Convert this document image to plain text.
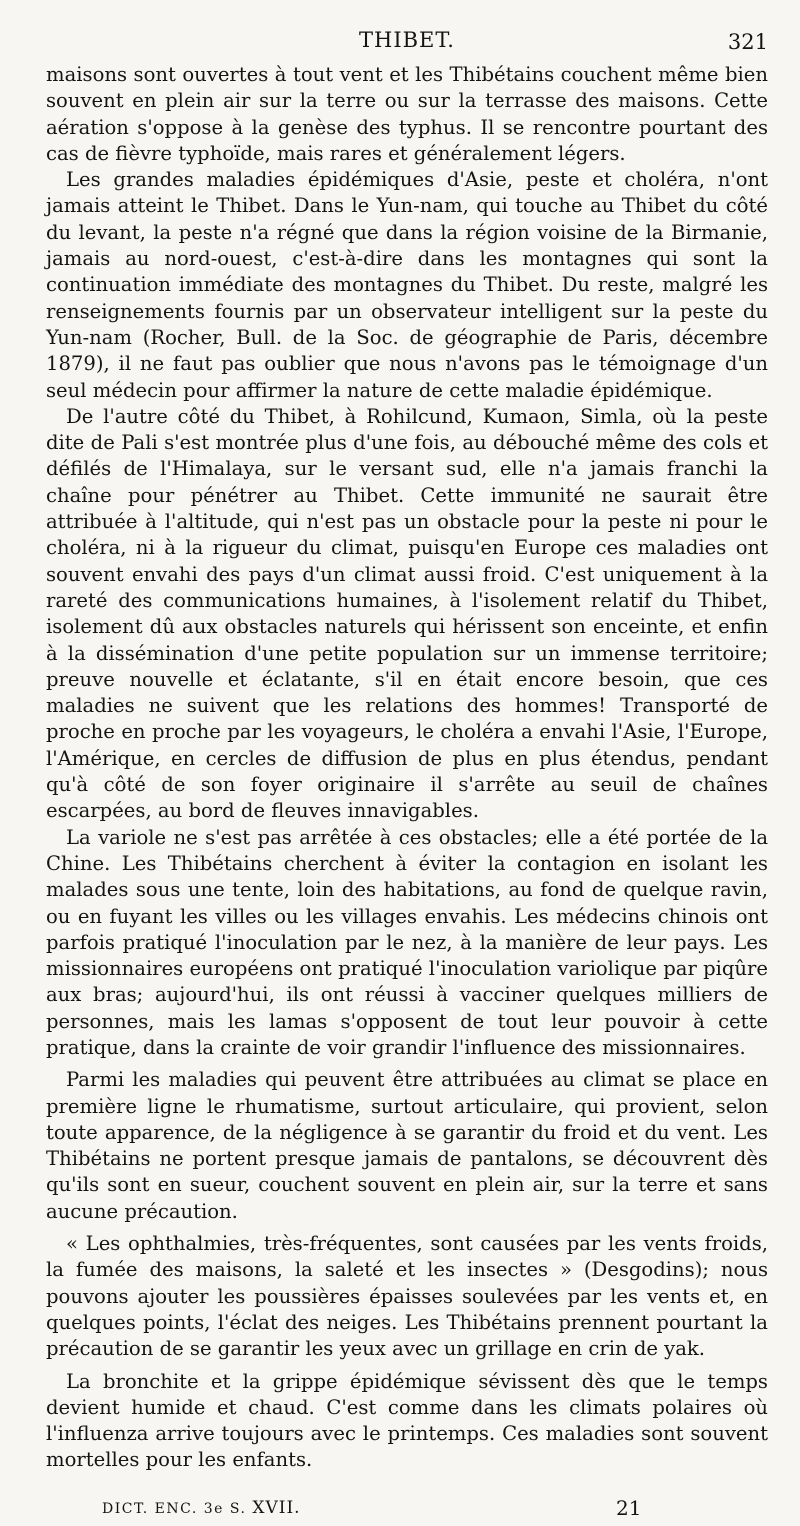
THIBET.	321

maisons sont ouvertes à tout vent et les Thibétains couchent même bien souvent en plein air sur la terre ou sur la terrasse des maisons. Cette aération s'oppose à la genèse des typhus. Il se rencontre pourtant des cas de fièvre typhoïde, mais rares et généralement légers.

Les grandes maladies épidémiques d'Asie, peste et choléra, n'ont jamais atteint le Thibet. Dans le Yun-nam, qui touche au Thibet du côté du levant, la peste n'a régné que dans la région voisine de la Birmanie, jamais au nord-ouest, c'est-à-dire dans les montagnes qui sont la continuation immédiate des montagnes du Thibet. Du reste, malgré les renseignements fournis par un observateur intelligent sur la peste du Yun-nam (Rocher, Bull. de la Soc. de géographie de Paris, décembre 1879), il ne faut pas oublier que nous n'avons pas le témoignage d'un seul médecin pour affirmer la nature de cette maladie épidémique.

De l'autre côté du Thibet, à Rohilcund, Kumaon, Simla, où la peste dite de Pali s'est montrée plus d'une fois, au débouché même des cols et défilés de l'Himalaya, sur le versant sud, elle n'a jamais franchi la chaîne pour pénétrer au Thibet. Cette immunité ne saurait être attribuée à l'altitude, qui n'est pas un obstacle pour la peste ni pour le choléra, ni à la rigueur du climat, puisqu'en Europe ces maladies ont souvent envahi des pays d'un climat aussi froid. C'est uniquement à la rareté des communications humaines, à l'isolement relatif du Thibet, isolement dû aux obstacles naturels qui hérissent son enceinte, et enfin à la dissémination d'une petite population sur un immense territoire; preuve nouvelle et éclatante, s'il en était encore besoin, que ces maladies ne suivent que les relations des hommes! Transporté de proche en proche par les voyageurs, le choléra a envahi l'Asie, l'Europe, l'Amérique, en cercles de diffusion de plus en plus étendus, pendant qu'à côté de son foyer originaire il s'arrête au seuil de chaînes escarpées, au bord de fleuves innavigables.

La variole ne s'est pas arrêtée à ces obstacles; elle a été portée de la Chine. Les Thibétains cherchent à éviter la contagion en isolant les malades sous une tente, loin des habitations, au fond de quelque ravin, ou en fuyant les villes ou les villages envahis. Les médecins chinois ont parfois pratiqué l'inoculation par le nez, à la manière de leur pays. Les missionnaires européens ont pratiqué l'inoculation variolique par piqûre aux bras; aujourd'hui, ils ont réussi à vacciner quelques milliers de personnes, mais les lamas s'opposent de tout leur pouvoir à cette pratique, dans la crainte de voir grandir l'influence des missionnaires.

Parmi les maladies qui peuvent être attribuées au climat se place en première ligne le rhumatisme, surtout articulaire, qui provient, selon toute apparence, de la négligence à se garantir du froid et du vent. Les Thibétains ne portent presque jamais de pantalons, se découvrent dès qu'ils sont en sueur, couchent souvent en plein air, sur la terre et sans aucune précaution.

« Les ophthalmies, très-fréquentes, sont causées par les vents froids, la fumée des maisons, la saleté et les insectes » (Desgodins); nous pouvons ajouter les poussières épaisses soulevées par les vents et, en quelques points, l'éclat des neiges. Les Thibétains prennent pourtant la précaution de se garantir les yeux avec un grillage en crin de yak.

La bronchite et la grippe épidémique sévissent dès que le temps devient humide et chaud. C'est comme dans les climats polaires où l'influenza arrive toujours avec le printemps. Ces maladies sont souvent mortelles pour les enfants.

DICT. ENC. 3e S. XVII.	21
